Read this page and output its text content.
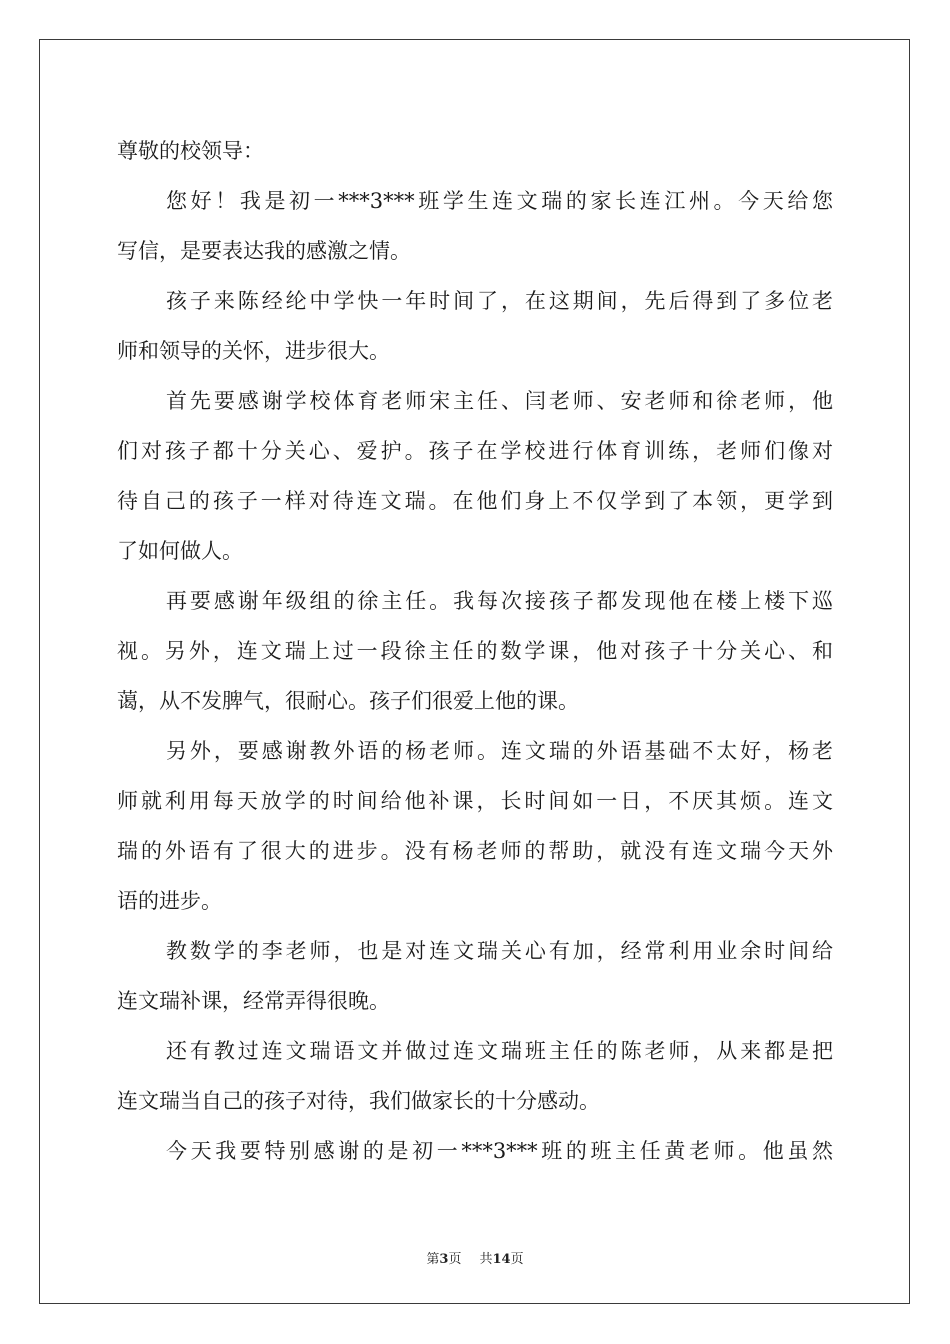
尊敬的校领导：
您好！我是初一***3***班学生连文瑞的家长连江州。今天给您
写信，是要表达我的感激之情。
孩子来陈经纶中学快一年时间了，在这期间，先后得到了多位老
师和领导的关怀，进步很大。
首先要感谢学校体育老师宋主任、闫老师、安老师和徐老师，他
们对孩子都十分关心、爱护。孩子在学校进行体育训练，老师们像对
待自己的孩子一样对待连文瑞。在他们身上不仅学到了本领，更学到
了如何做人。
再要感谢年级组的徐主任。我每次接孩子都发现他在楼上楼下巡
视。另外，连文瑞上过一段徐主任的数学课，他对孩子十分关心、和
蔼，从不发脾气，很耐心。孩子们很爱上他的课。
另外，要感谢教外语的杨老师。连文瑞的外语基础不太好，杨老
师就利用每天放学的时间给他补课，长时间如一日，不厌其烦。连文
瑞的外语有了很大的进步。没有杨老师的帮助，就没有连文瑞今天外
语的进步。
教数学的李老师，也是对连文瑞关心有加，经常利用业余时间给
连文瑞补课，经常弄得很晚。
还有教过连文瑞语文并做过连文瑞班主任的陈老师，从来都是把
连文瑞当自己的孩子对待，我们做家长的十分感动。
今天我要特别感谢的是初一***3***班的班主任黄老师。他虽然
第3页 共14页
